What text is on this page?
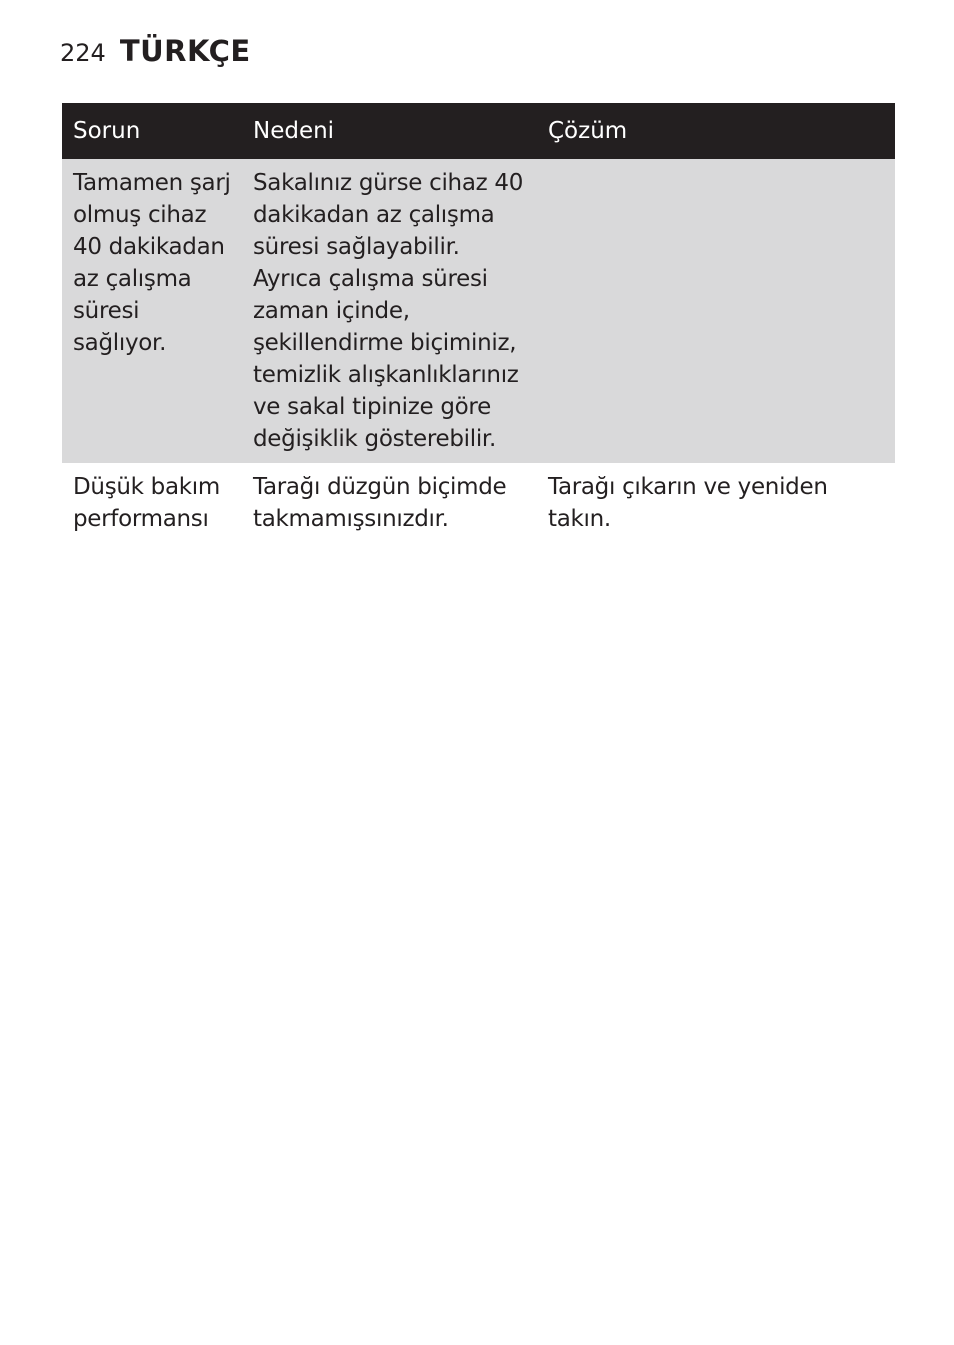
224 TÜRKÇE
Sorun	Nedeni	Çözüm
Tamamen şarj olmuş cihaz 40 dakikadan az çalışma süresi sağlıyor.	Sakalınız gürse cihaz 40 dakikadan az çalışma süresi sağlayabilir. Ayrıca çalışma süresi zaman içinde, şekillendirme biçiminiz, temizlik alışkanlıklarınız ve sakal tipinize göre değişiklik gösterebilir.	
Düşük bakım performansı	Tarağı düzgün biçimde takmamışsınızdır.	Tarağı çıkarın ve yeniden takın.
